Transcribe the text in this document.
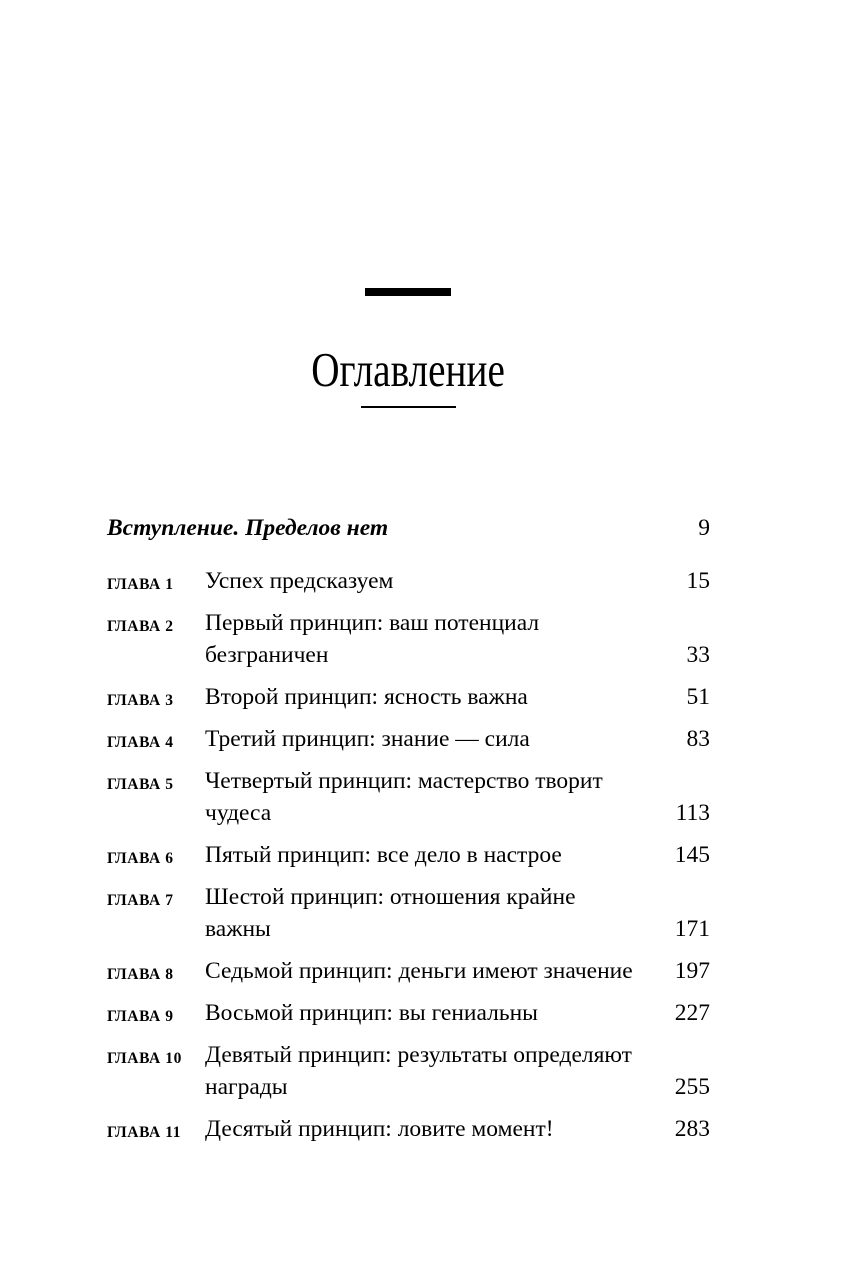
Оглавление
Вступление. Пределов нет	9
ГЛАВА 1	Успех предсказуем	15
ГЛАВА 2	Первый принцип: ваш потенциал
безграничен	33
ГЛАВА 3	Второй принцип: ясность важна	51
ГЛАВА 4	Третий принцип: знание — сила	83
ГЛАВА 5	Четвертый принцип: мастерство творит
чудеса	113
ГЛАВА 6	Пятый принцип: все дело в настрое	145
ГЛАВА 7	Шестой принцип: отношения крайне
важны	171
ГЛАВА 8	Седьмой принцип: деньги имеют значение	197
ГЛАВА 9	Восьмой принцип: вы гениальны	227
ГЛАВА 10 Девятый принцип: результаты определяют
награды	255
ГЛАВА 11	Десятый принцип: ловите момент!	283
